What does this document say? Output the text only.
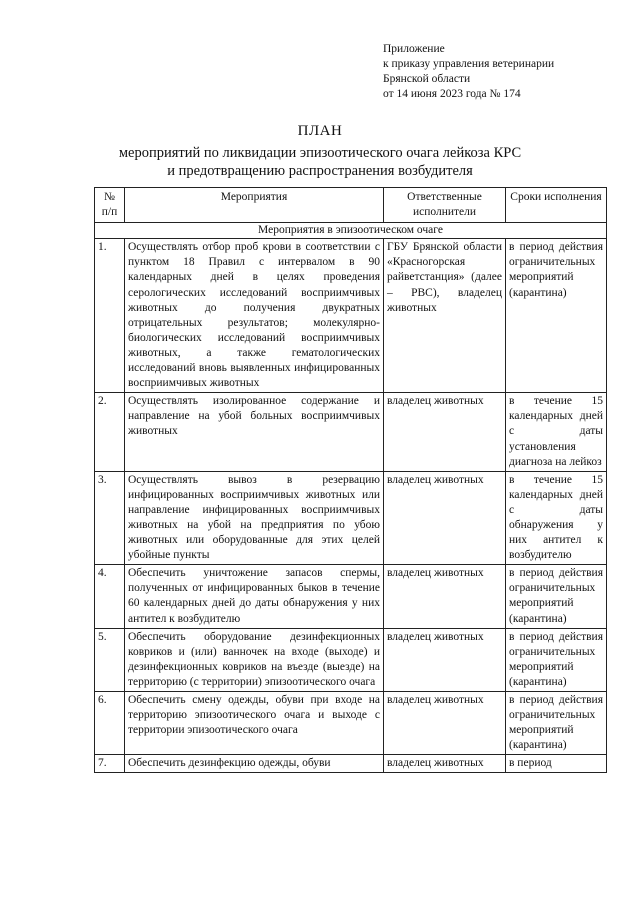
Приложение
к приказу управления ветеринарии
Брянской области
от 14 июня 2023 года № 174
ПЛАН
мероприятий по ликвидации эпизоотического очага лейкоза КРС
и предотвращению распространения возбудителя
№ п/п	Мероприятия	Ответственные исполнители	Сроки исполнения
Мероприятия в эпизоотическом очаге			
1.	Осуществлять отбор проб крови в соответствии с пунктом 18 Правил с интервалом в 90 календарных дней в целях проведения серологических исследований восприимчивых животных до получения двукратных отрицательных результатов; молекулярно-биологических исследований восприимчивых животных, а также гематологических исследований вновь выявленных инфицированных восприимчивых животных	ГБУ Брянской области «Красногорская райветстанция» (далее – РВС), владелец животных	в период действия ограничительных мероприятий (карантина)
2.	Осуществлять изолированное содержание и направление на убой больных восприимчивых животных	владелец животных	в течение 15 календарных дней с даты установления диагноза на лейкоз
3.	Осуществлять вывоз в резервацию инфицированных восприимчивых животных или направление инфицированных восприимчивых животных на убой на предприятия по убою животных или оборудованные для этих целей убойные пункты	владелец животных	в течение 15 календарных дней с даты обнаружения у них антител к возбудителю
4.	Обеспечить уничтожение запасов спермы, полученных от инфицированных быков в течение 60 календарных дней до даты обнаружения у них антител к возбудителю	владелец животных	в период действия ограничительных мероприятий (карантина)
5.	Обеспечить оборудование дезинфекционных ковриков и (или) ванночек на входе (выходе) и дезинфекционных ковриков на въезде (выезде) на территорию (с территории) эпизоотического очага	владелец животных	в период действия ограничительных мероприятий (карантина)
6.	Обеспечить смену одежды, обуви при входе на территорию эпизоотического очага и выходе с территории эпизоотического очага	владелец животных	в период действия ограничительных мероприятий (карантина)
7.	Обеспечить дезинфекцию одежды, обуви	владелец животных	в период
